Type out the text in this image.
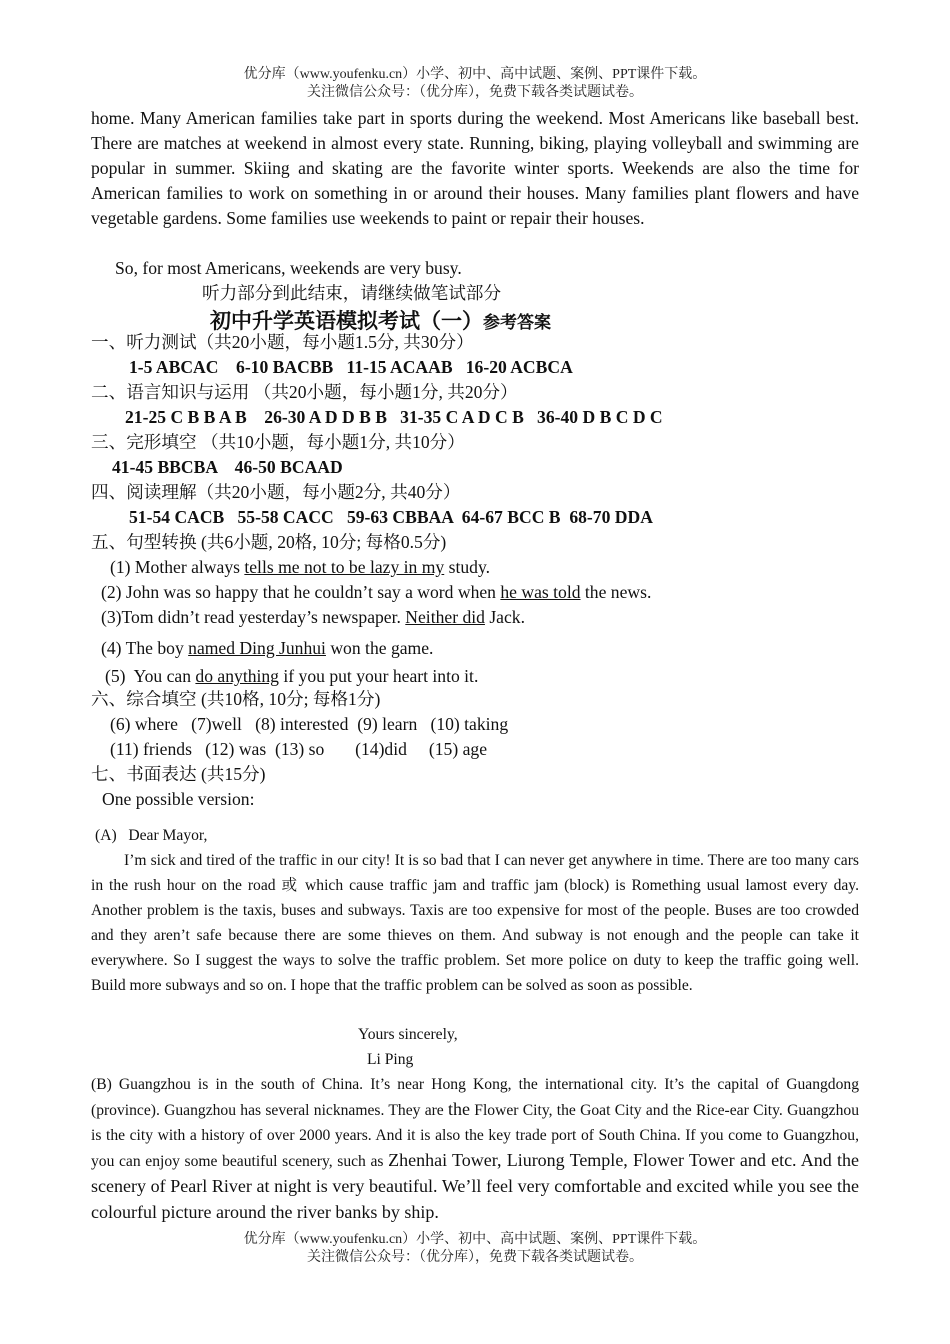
优分库（www.youfenku.cn）小学、初中、高中试题、案例、PPT课件下载。
关注微信公众号：（优分库），免费下载各类试题试卷。
home. Many American families take part in sports during the weekend. Most Americans like baseball best. There are matches at weekend in almost every state. Running, biking, playing volleyball and swimming are popular in summer. Skiing and skating are the favorite winter sports. Weekends are also the time for American families to work on something in or around their houses. Many families plant flowers and have vegetable gardens. Some families use weekends to paint or repair their houses.
So, for most Americans, weekends are very busy.
听力部分到此结束，请继续做笔试部分
初中升学英语模拟考试（一）参考答案
一、听力测试（共20小题，每小题1.5分, 共30分）
1-5 ABCAC    6-10 BACBB   11-15 ACAAB   16-20 ACBCA
二、语言知识与运用 （共20小题，每小题1分, 共20分）
21-25 C B B A B    26-30 A D D B B   31-35 C A D C B   36-40 D B C D C
三、完形填空 （共10小题，每小题1分, 共10分）
41-45 BBCBA    46-50 BCAAD
四、阅读理解（共20小题，每小题2分, 共40分）
51-54 CACB   55-58 CACC   59-63 CBBAA  64-67 BCC B  68-70 DDA
五、句型转换 (共6小题, 20格, 10分; 每格0.5分)
(1) Mother always tells me not to be lazy in my study.
(2) John was so happy that he couldn’t say a word when he was told the news.
(3)Tom didn’t read yesterday’s newspaper. Neither did Jack.
(4) The boy named Ding Junhui won the game.
(5)  You can do anything if you put your heart into it.
六、综合填空 (共10格, 10分; 每格1分)
(6) where   (7)well   (8) interested  (9) learn   (10) taking
(11) friends   (12) was  (13) so       (14)did     (15) age
七、书面表达 (共15分)
One possible version:
(A)   Dear Mayor,
I’m sick and tired of the traffic in our city! It is so bad that I can never get anywhere in time. There are too many cars in the rush hour on the road 或 which cause traffic jam and traffic jam (block) is Romething usual lamost every day. Another problem is the taxis, buses and subways. Taxis are too expensive for most of the people. Buses are too crowded and they aren’t safe because there are some thieves on them. And subway is not enough and the people can take it everywhere. So I suggest the ways to solve the traffic problem. Set more police on duty to keep the traffic going well. Build more subways and so on. I hope that the traffic problem can be solved as soon as possible.
Yours sincerely,
Li Ping
(B) Guangzhou is in the south of China. It’s near Hong Kong, the international city. It’s the capital of Guangdong (province). Guangzhou has several nicknames. They are the Flower City, the Goat City and the Rice-ear City. Guangzhou is the city with a history of over 2000 years. And it is also the key trade port of South China. If you come to Guangzhou, you can enjoy some beautiful scenery, such as Zhenhai Tower, Liurong Temple, Flower Tower and etc. And the scenery of Pearl River at night is very beautiful. We’ll feel very comfortable and excited while you see the colourful picture around the river banks by ship.
优分库（www.youfenku.cn）小学、初中、高中试题、案例、PPT课件下载。
关注微信公众号：（优分库），免费下载各类试题试卷。
